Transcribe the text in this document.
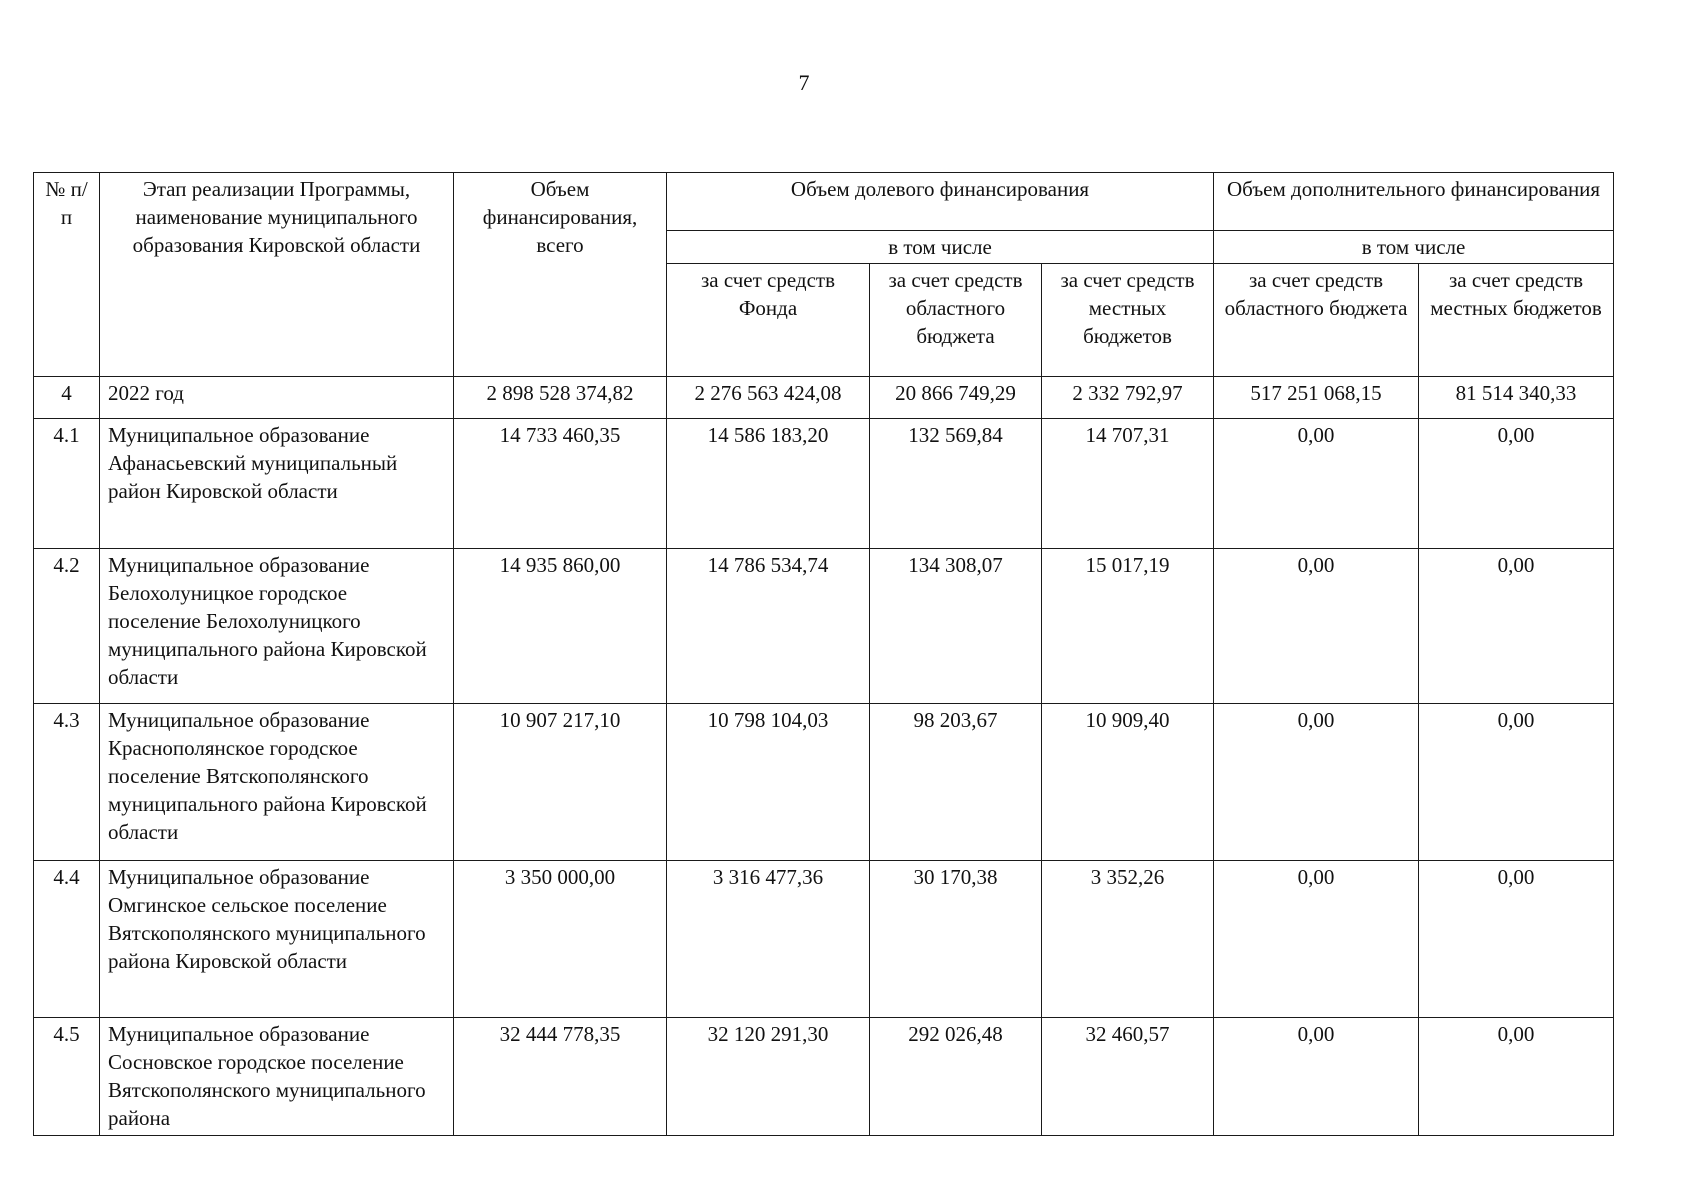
7
№ п/п	Этап реализации Программы, наименование муниципального образования Кировской области	Объем финансирования, всего	Объем долевого финансирования			Объем дополнительного финансирования	
			в том числе			в том числе	
			за счет средств Фонда	за счет средств областного бюджета	за счет средств местных бюджетов	за счет средств областного бюджета	за счет средств местных бюджетов
4	2022 год	2 898 528 374,82	2 276 563 424,08	20 866 749,29	2 332 792,97	517 251 068,15	81 514 340,33
4.1	Муниципальное образование Афанасьевский муниципальный район Кировской области	14 733 460,35	14 586 183,20	132 569,84	14 707,31	0,00	0,00
4.2	Муниципальное образование Белохолуницкое городское поселение Белохолуницкого муниципального района Кировской области	14 935 860,00	14 786 534,74	134 308,07	15 017,19	0,00	0,00
4.3	Муниципальное образование Краснополянское городское поселение Вятскополянского муниципального района Кировской области	10 907 217,10	10 798 104,03	98 203,67	10 909,40	0,00	0,00
4.4	Муниципальное образование Омгинское сельское поселение Вятскополянского муниципального района Кировской области	3 350 000,00	3 316 477,36	30 170,38	3 352,26	0,00	0,00
4.5	Муниципальное образование Сосновское городское поселение Вятскополянского муниципального района	32 444 778,35	32 120 291,30	292 026,48	32 460,57	0,00	0,00
